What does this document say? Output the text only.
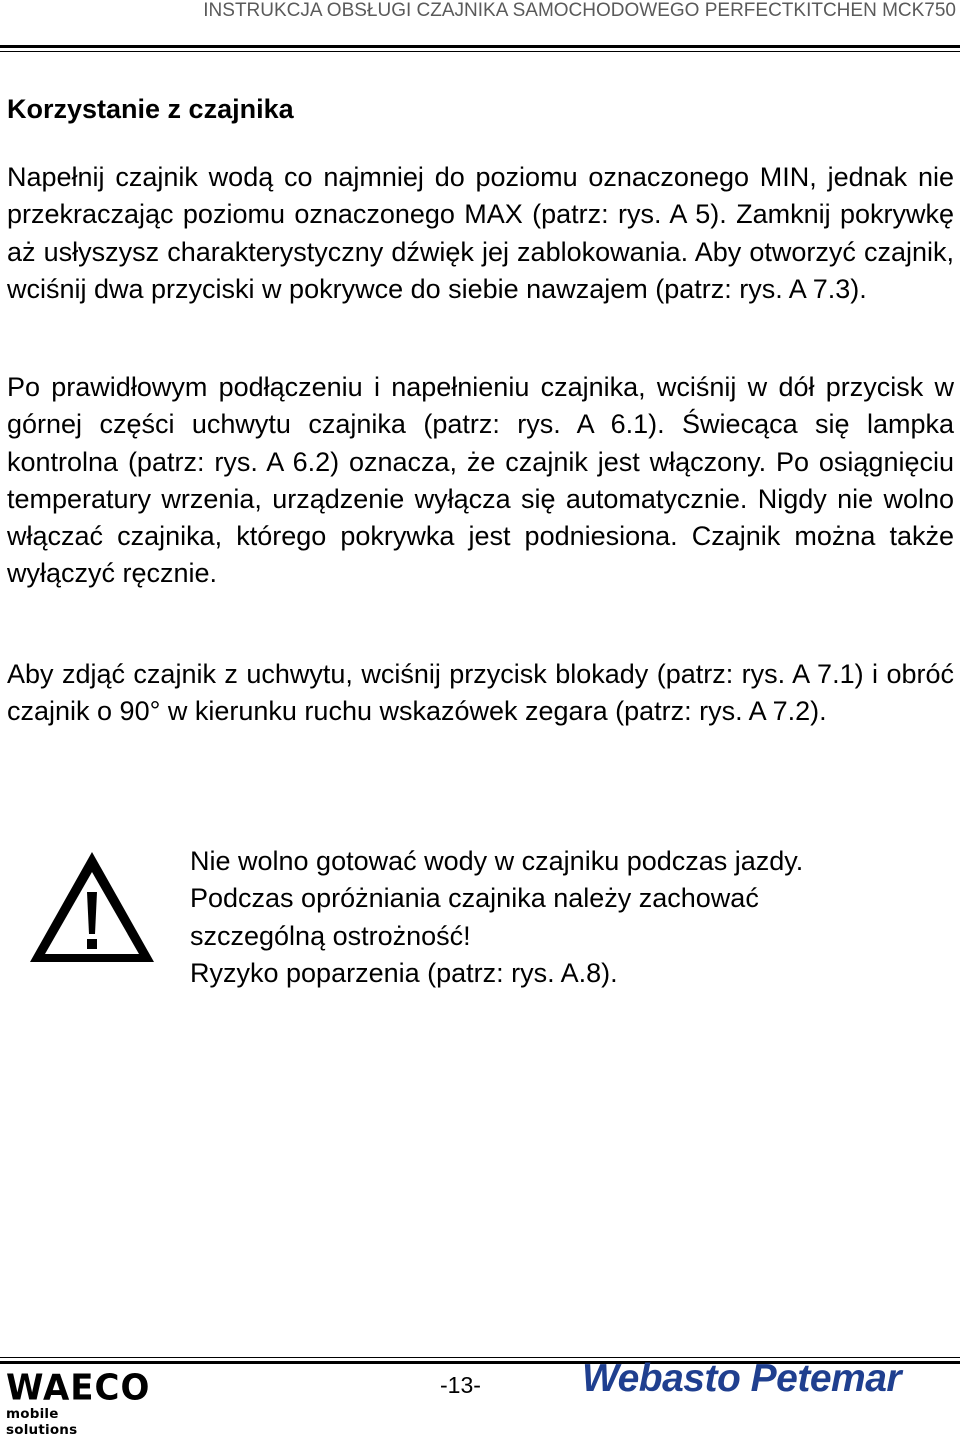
INSTRUKCJA OBSŁUGI CZAJNIKA SAMOCHODOWEGO PERFECTKITCHEN MCK750
Korzystanie z czajnika

Napełnij czajnik wodą co najmniej do poziomu oznaczonego MIN, jednak nie przekraczając poziomu oznaczonego MAX (patrz: rys. A 5). Zamknij pokrywkę aż usłyszysz charakterystyczny dźwięk jej zablokowania. Aby otworzyć czajnik, wciśnij dwa przyciski w pokrywce do siebie nawzajem (patrz: rys. A 7.3).

Po prawidłowym podłączeniu i napełnieniu czajnika, wciśnij w dół przycisk w górnej części uchwytu czajnika (patrz: rys. A 6.1). Świecąca się lampka kontrolna (patrz: rys. A 6.2) oznacza, że czajnik jest włączony. Po osiągnięciu temperatury wrzenia, urządzenie wyłącza się automatycznie. Nigdy nie wolno włączać czajnika, którego pokrywka jest podniesiona. Czajnik można także wyłączyć ręcznie.

Aby zdjąć czajnik z uchwytu, wciśnij przycisk blokady (patrz: rys. A 7.1) i obróć czajnik o 90° w kierunku ruchu wskazówek zegara (patrz: rys. A 7.2).

Nie wolno gotować wody w czajniku podczas jazdy.
Podczas opróżniania czajnika należy zachować
szczególną ostrożność!
Ryzyko poparzenia (patrz: rys. A.8).
WAECO
mobile solutions
-13-	Webasto Petemar
